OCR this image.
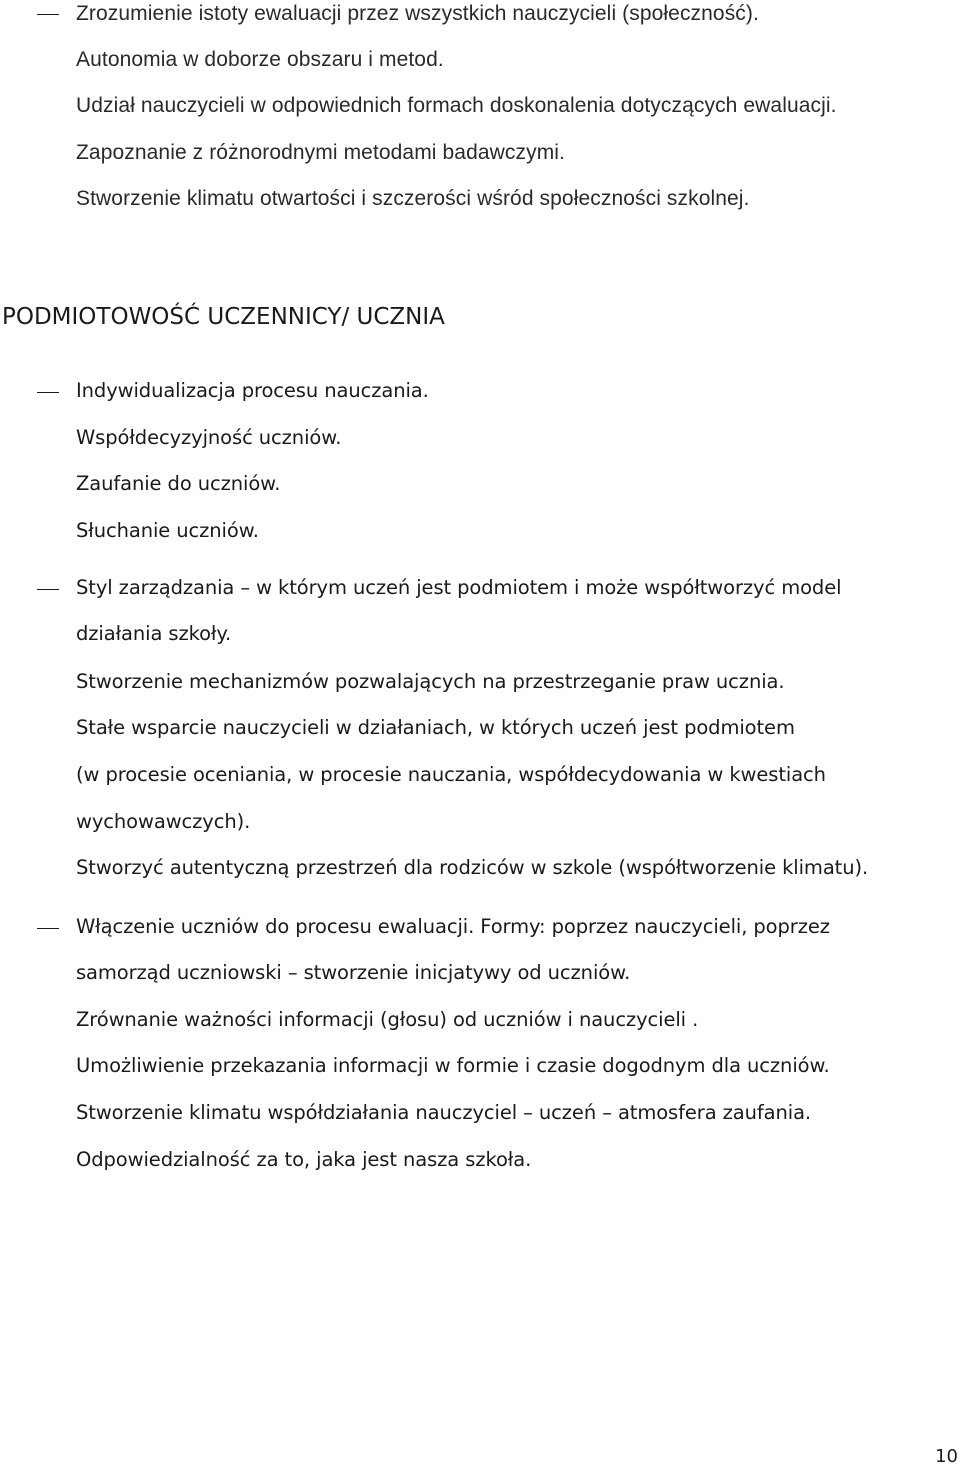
Zrozumienie istoty ewaluacji przez wszystkich nauczycieli (społeczność).
Autonomia w doborze obszaru i metod.
Udział nauczycieli w odpowiednich formach doskonalenia dotyczących ewaluacji.
Zapoznanie z różnorodnymi metodami badawczymi.
Stworzenie klimatu otwartości i szczerości wśród społeczności szkolnej.
PODMIOTOWOŚĆ UCZENNICY/ UCZNIA
Indywidualizacja procesu nauczania.
Współdecyzyjność uczniów.
Zaufanie do uczniów.
Słuchanie uczniów.
Styl zarządzania – w którym uczeń jest podmiotem i może współtworzyć model
działania szkoły.
Stworzenie mechanizmów pozwalających na przestrzeganie praw ucznia.
Stałe wsparcie nauczycieli w działaniach, w których uczeń jest podmiotem
(w procesie oceniania, w procesie nauczania, współdecydowania w kwestiach
wychowawczych).
Stworzyć autentyczną przestrzeń dla rodziców w szkole (współtworzenie klimatu).
Włączenie uczniów do procesu ewaluacji. Formy: poprzez nauczycieli, poprzez
samorząd uczniowski – stworzenie inicjatywy od uczniów.
Zrównanie ważności informacji (głosu) od uczniów i nauczycieli .
Umożliwienie przekazania informacji w formie i czasie dogodnym dla uczniów.
Stworzenie klimatu współdziałania nauczyciel – uczeń – atmosfera zaufania.
Odpowiedzialność za to, jaka jest nasza szkoła.
10
